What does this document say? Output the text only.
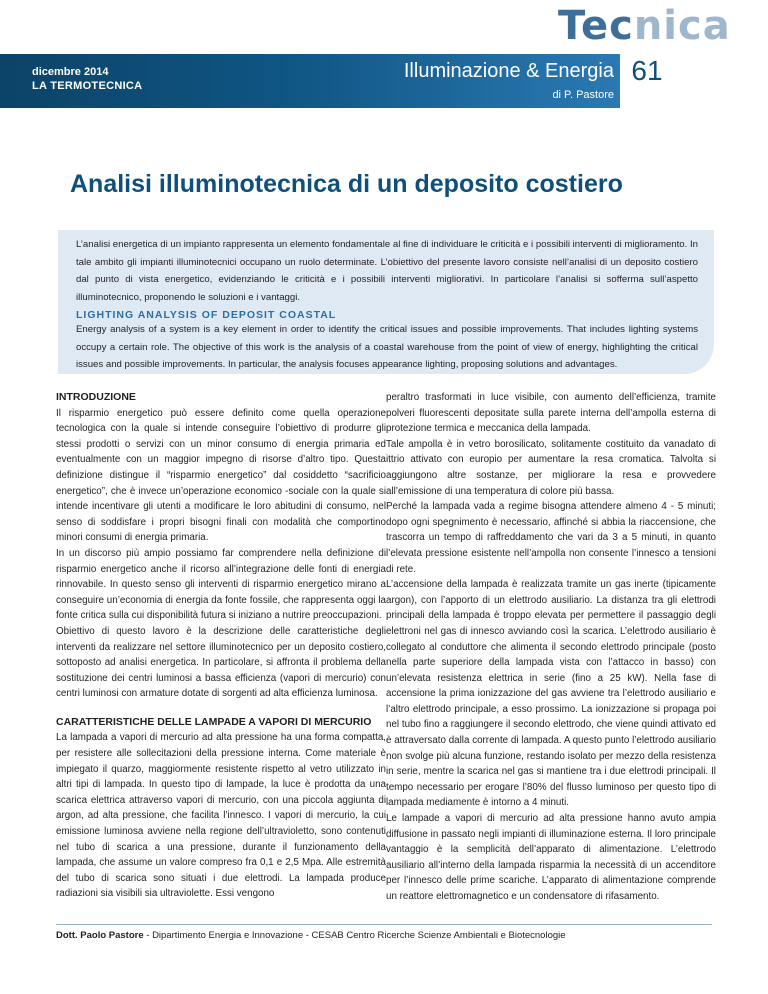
Tecnica
dicembre 2014
LA TERMOTECNICA
Illuminazione & Energia
di P. Pastore
61
Analisi illuminotecnica di un deposito costiero

L’analisi energetica di un impianto rappresenta un elemento fondamentale al fine di individuare le criticità e i possibili interventi di miglioramento. In tale ambito gli impianti illuminotecnici occupano un ruolo determinate. L’obiettivo del presente lavoro consiste nell’analisi di un deposito costiero dal punto di vista energetico, evidenziando le criticità e i possibili interventi migliorativi. In particolare l’analisi si sofferma sull’aspetto illuminotecnico, proponendo le soluzioni e i vantaggi.

LIGHTING ANALYSIS OF DEPOSIT COASTAL

Energy analysis of a system is a key element in order to identify the critical issues and possible improvements. That includes lighting systems occupy a certain role. The objective of this work is the analysis of a coastal warehouse from the point of view of energy, highlighting the critical issues and possible improvements. In particular, the analysis focuses appearance lighting, proposing solutions and advantages.

INTRODUZIONE

Il risparmio energetico può essere definito come quella operazione tecnologica con la quale si intende conseguire l’obiettivo di produrre gli stessi prodotti o servizi con un minor consumo di energia primaria ed eventualmente con un maggior impegno di risorse d’altro tipo. Questa definizione distingue il “risparmio energetico” dal cosiddetto “sacrificio energetico”, che è invece un’operazione economico -sociale con la quale si intende incentivare gli utenti a modificare le loro abitudini di consumo, nel senso di soddisfare i propri bisogni finali con modalità che comportino minori consumi di energia primaria.

In un discorso più ampio possiamo far comprendere nella definizione di risparmio energetico anche il ricorso all’integrazione delle fonti di energia rinnovabile. In questo senso gli interventi di risparmio energetico mirano a conseguire un’economia di energia da fonte fossile, che rappresenta oggi la fonte critica sulla cui disponibilità futura si iniziano a nutrire preoccupazioni.

Obiettivo di questo lavoro è la descrizione delle caratteristiche degli interventi da realizzare nel settore illuminotecnico per un deposito costiero, sottoposto ad analisi energetica. In particolare, si affronta il problema della sostituzione dei centri luminosi a bassa efficienza (vapori di mercurio) con centri luminosi con armature dotate di sorgenti ad alta efficienza luminosa.

CARATTERISTICHE DELLE LAMPADE A VAPORI DI MERCURIO

La lampada a vapori di mercurio ad alta pressione ha una forma compatta, per resistere alle sollecitazioni della pressione interna. Come materiale è impiegato il quarzo, maggiormente resistente rispetto al vetro utilizzato in altri tipi di lampada. In questo tipo di lampade, la luce è prodotta da una scarica elettrica attraverso vapori di mercurio, con una piccola aggiunta di argon, ad alta pressione, che facilita l’innesco. I vapori di mercurio, la cui emissione luminosa avviene nella regione dell’ultravioletto, sono contenuti nel tubo di scarica a una pressione, durante il funzionamento della lampada, che assume un valore compreso fra 0,1 e 2,5 Mpa. Alle estremità del tubo di scarica sono situati i due elettrodi. La lampada produce radiazioni sia visibili sia ultraviolette. Essi vengono

peraltro trasformati in luce visibile, con aumento dell’efficienza, tramite polveri fluorescenti depositate sulla parete interna dell’ampolla esterna di protezione termica e meccanica della lampada.

Tale ampolla è in vetro borosilicato, solitamente costituito da vanadato di ittrio attivato con europio per aumentare la resa cromatica. Talvolta si aggiungono altre sostanze, per migliorare la resa e provvedere all’emissione di una temperatura di colore più bassa.

Perché la lampada vada a regime bisogna attendere almeno 4 - 5 minuti; dopo ogni spegnimento è necessario, affinché si abbia la riaccensione, che trascorra un tempo di raffreddamento che vari da 3 a 5 minuti, in quanto l’elevata pressione esistente nell’ampolla non consente l’innesco a tensioni di rete.

L’accensione della lampada è realizzata tramite un gas inerte (tipicamente argon), con l’apporto di un elettrodo ausiliario. La distanza tra gli elettrodi principali della lampada è troppo elevata per permettere il passaggio degli elettroni nel gas di innesco avviando così la scarica. L’elettrodo ausiliario è collegato al conduttore che alimenta il secondo elettrodo principale (posto nella parte superiore della lampada vista con l’attacco in basso) con un’elevata resistenza elettrica in serie (fino a 25 kW). Nella fase di accensione la prima ionizzazione del gas avviene tra l’elettrodo ausiliario e l’altro elettrodo principale, a esso prossimo. La ionizzazione si propaga poi nel tubo fino a raggiungere il secondo elettrodo, che viene quindi attivato ed è attraversato dalla corrente di lampada. A questo punto l’elettrodo ausiliario non svolge più alcuna funzione, restando isolato per mezzo della resistenza in serie, mentre la scarica nel gas si mantiene tra i due elettrodi principali. Il tempo necessario per erogare l’80% del flusso luminoso per questo tipo di lampada mediamente è intorno a 4 minuti.

Le lampade a vapori di mercurio ad alta pressione hanno avuto ampia diffusione in passato negli impianti di illuminazione esterna. Il loro principale vantaggio è la semplicità dell’apparato di alimentazione. L’elettrodo ausiliario all’interno della lampada risparmia la necessità di un accenditore per l’innesco delle prime scariche. L’apparato di alimentazione comprende un reattore elettromagnetico e un condensatore di rifasamento.

Dott. Paolo Pastore - Dipartimento Energia e Innovazione - CESAB Centro Ricerche Scienze Ambientali e Biotecnologie
